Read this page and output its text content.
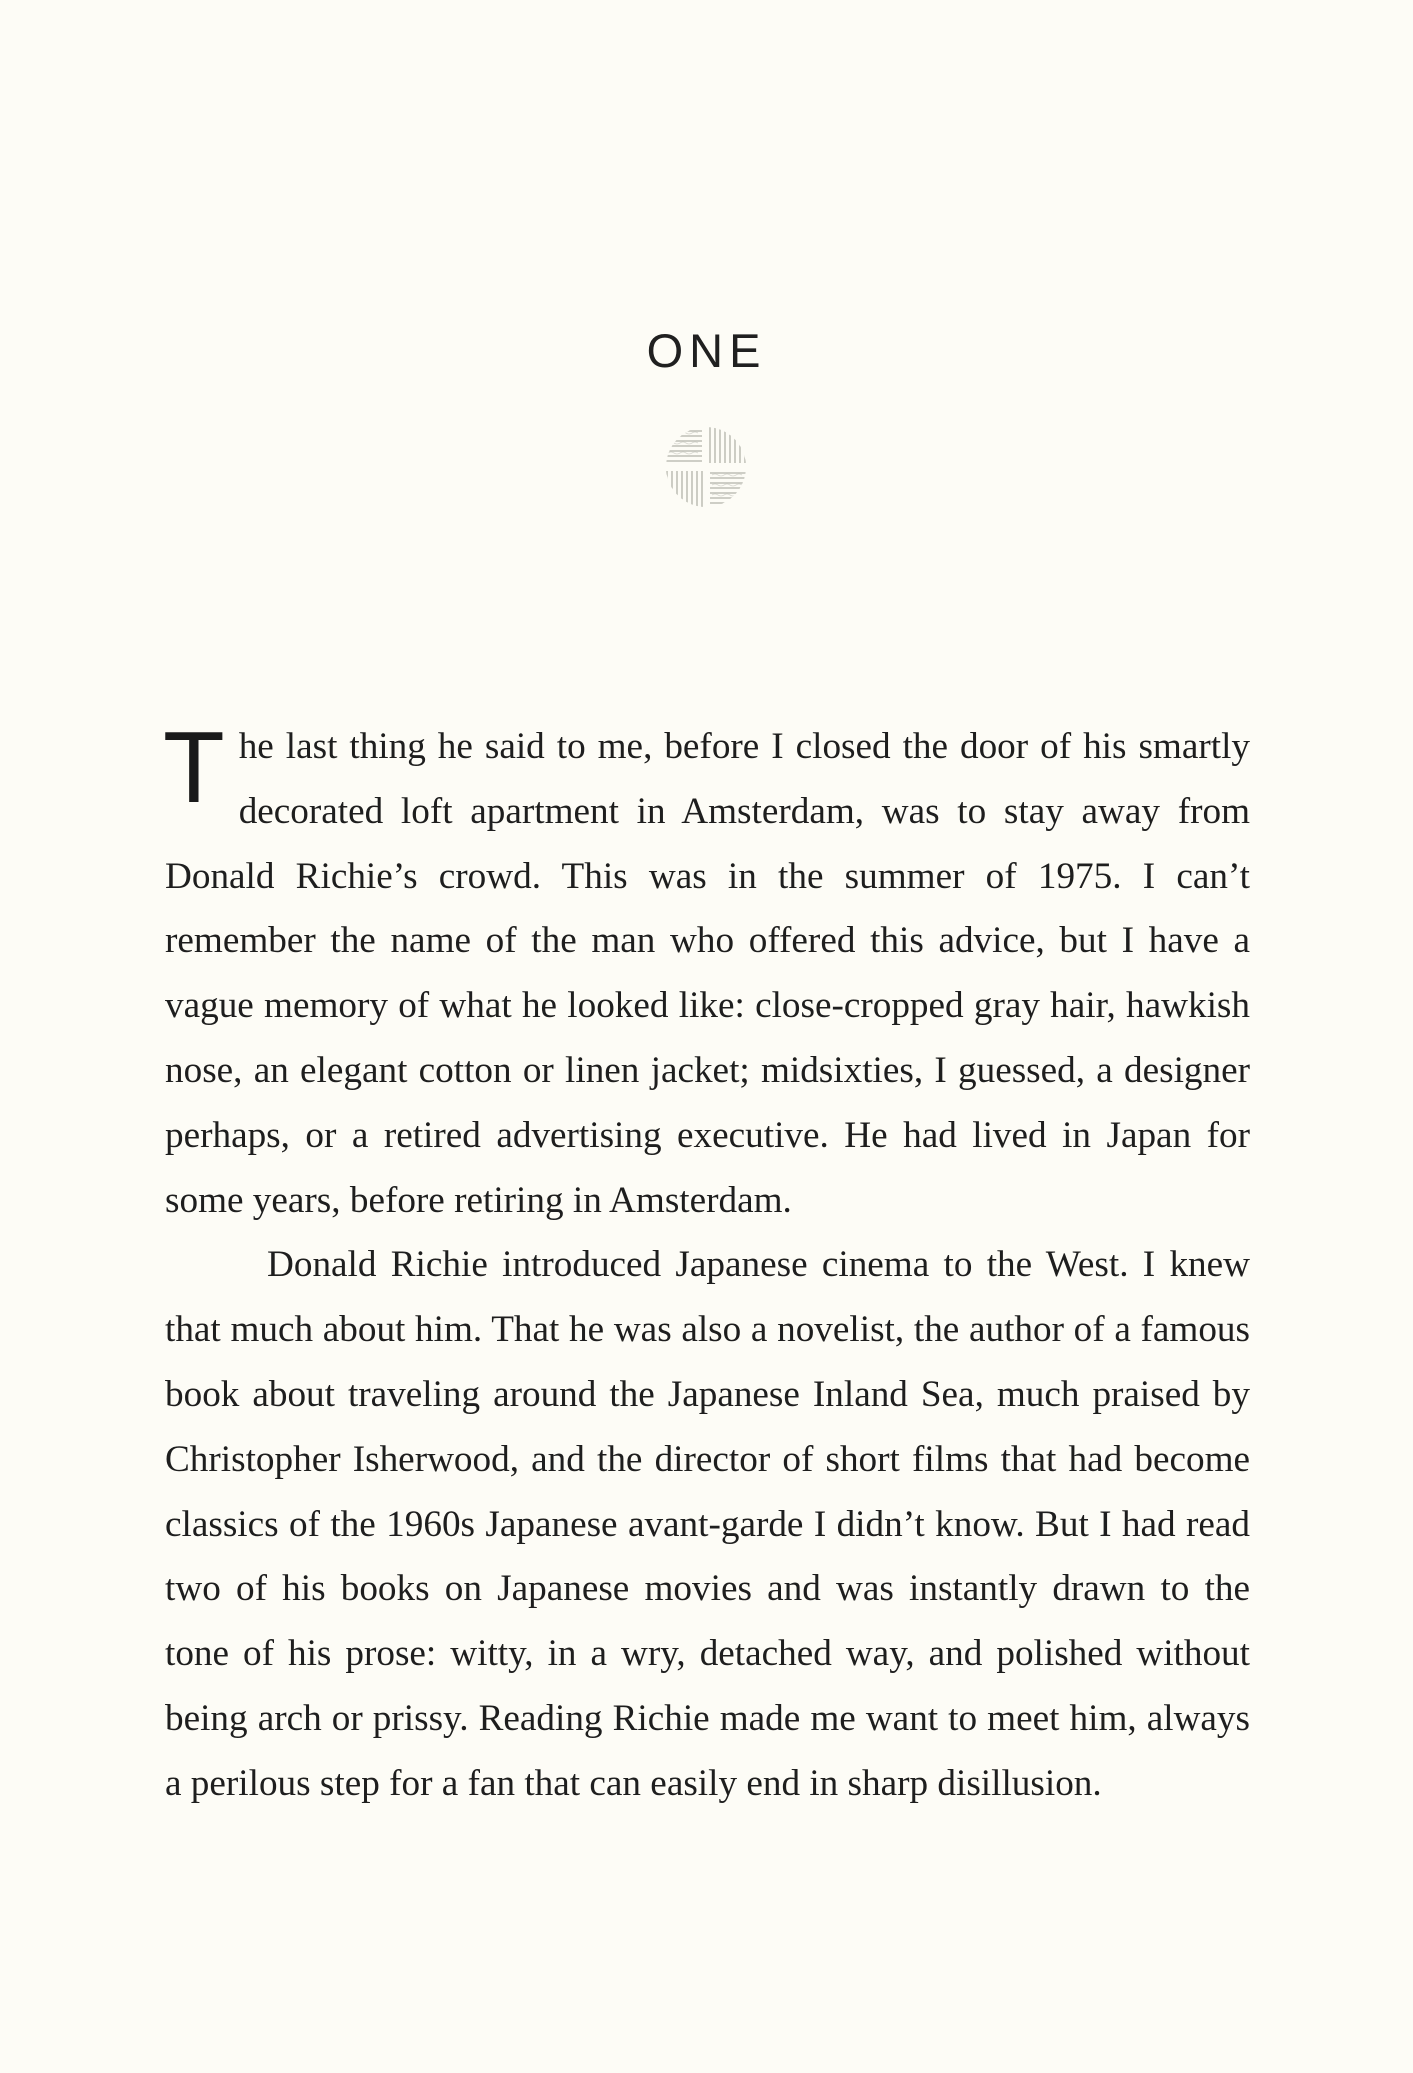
ONE

The last thing he said to me, before I closed the door of his smartly decorated loft apartment in Amsterdam, was to stay away from Donald Richie’s crowd. This was in the summer of 1975. I can’t remember the name of the man who offered this advice, but I have a vague memory of what he looked like: close-cropped gray hair, hawkish nose, an elegant cotton or linen jacket; midsixties, I guessed, a designer perhaps, or a retired advertising executive. He had lived in Japan for some years, before retiring in Amsterdam.

Donald Richie introduced Japanese cinema to the West. I knew that much about him. That he was also a novelist, the author of a famous book about traveling around the Japanese Inland Sea, much praised by Christopher Isherwood, and the director of short films that had become classics of the 1960s Japanese avant-garde I didn’t know. But I had read two of his books on Japanese movies and was instantly drawn to the tone of his prose: witty, in a wry, detached way, and polished without being arch or prissy. Reading Richie made me want to meet him, always a perilous step for a fan that can easily end in sharp disillusion.
